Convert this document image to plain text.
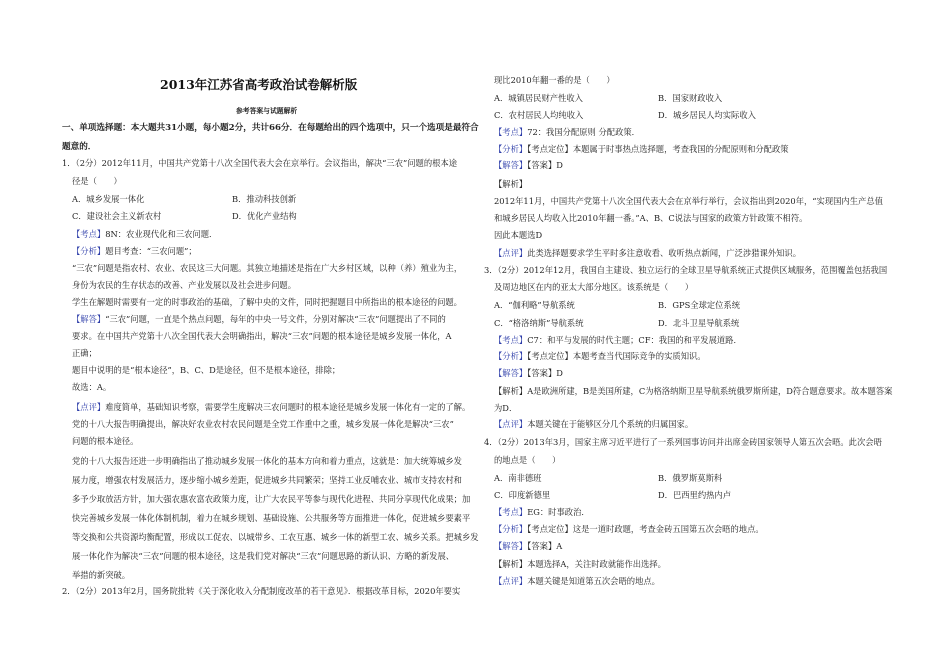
2013年江苏省高考政治试卷解析版
参考答案与试题解析
一、单项选择题：本大题共31小题，每小题2分，共计66分．在每题给出的四个选项中，只一个选项是最符合
题意的．
1．（2分）2012年11月，中国共产党第十八次全国代表大会在京举行。会议指出，解决“三农”问题的根本途
径是（　　）
A．城乡发展一体化	B．推动科技创新
C．建设社会主义新农村	D．优化产业结构
【考点】8N：农业现代化和三农问题．
【分析】题目考查：“三农问题”；
“三农”问题是指农村、农业、农民这三大问题。其独立地描述是指在广大乡村区域，以种（养）殖业为主，
身份为农民的生存状态的改善、产业发展以及社会进步问题。
学生在解题时需要有一定的时事政治的基础，了解中央的文件，同时把握题目中所指出的根本途径的问题。
【解答】“三农”问题，一直是个热点问题，每年的中央一号文件，分别对解决“三农”问题提出了不同的
要求。在中国共产党第十八次全国代表大会明确指出，解决“三农”问题的根本途径是城乡发展一体化，A
正确；
题目中说明的是“根本途径”，B、C、D是途径，但不是根本途径，排除；
故选：A。
【点评】难度简单，基础知识考察，需要学生度解决三农问题时的根本途径是城乡发展一体化有一定的了解。
党的十八大报告明确提出，解决好农业农村农民问题是全党工作重中之重，城乡发展一体化是解决“三农”
问题的根本途径。
党的十八大报告还进一步明确指出了推动城乡发展一体化的基本方向和着力重点，这就是：加大统筹城乡发
展力度，增强农村发展活力，逐步缩小城乡差距，促进城乡共同繁荣；坚持工业反哺农业、城市支持农村和
多予少取放活方针，加大强农惠农富农政策力度，让广大农民平等参与现代化进程、共同分享现代化成果；加
快完善城乡发展一体化体制机制，着力在城乡规划、基础设施、公共服务等方面推进一体化，促进城乡要素平
等交换和公共资源均衡配置，形成以工促农、以城带乡、工农互惠、城乡一体的新型工农、城乡关系。把城乡发
展一体化作为解决“三农”问题的根本途径，这是我们党对解决“三农”问题思路的新认识、方略的新发展、
举措的新突破。
2．（2分）2013年2月，国务院批转《关于深化收入分配制度改革的若干意见》．根据改革目标，2020年要实
现比2010年翻一番的是（　　）
A．城镇居民财产性收入	B．国家财政收入
C．农村居民人均纯收入	D．城乡居民人均实际收入
【考点】72：我国分配原则 分配政策．
【分析】【考点定位】本题属于时事热点选择题，考查我国的分配原则和分配政策
【解答】【答案】D
【解析】
2012年11月，中国共产党第十八次全国代表大会在京举行举行，会议指出到2020年，“实现国内生产总值
和城乡居民人均收入比2010年翻一番。”A、B、C说法与国家的政策方针政策不相符。
因此本题选D
【点评】此类选择题要求学生平时多注意收看、收听热点新闻，广泛涉猎课外知识。
3．（2分）2012年12月，我国自主建设、独立运行的全球卫星导航系统正式提供区域服务，范围覆盖包括我国
及周边地区在内的亚太大部分地区。该系统是（　　）
A．“伽利略”导航系统	B．GPS全球定位系统
C．“格洛纳斯”导航系统	D．北斗卫星导航系统
【考点】C7：和平与发展的时代主题；CF：我国的和平发展道路．
【分析】【考点定位】本题考查当代国际竞争的实质知识。
【解答】【答案】D
【解析】A是欧洲所建，B是美国所建，C为格洛纳斯卫星导航系统俄罗斯所建，D符合题意要求。故本题答案
为D．
【点评】本题关键在于能够区分几个系统的归属国家。
4．（2分）2013年3月，国家主席习近平进行了一系列国事访问并出席金砖国家领导人第五次会晤。此次会晤
的地点是（　　）
A．南非德班	B．俄罗斯莫斯科
C．印度新德里	D．巴西里约热内卢
【考点】EG：时事政治．
【分析】【考点定位】这是一道时政题，考查金砖五国第五次会晤的地点。
【解答】【答案】A
【解析】本题选择A，关注时政就能作出选择。
【点评】本题关键是知道第五次会晤的地点。
